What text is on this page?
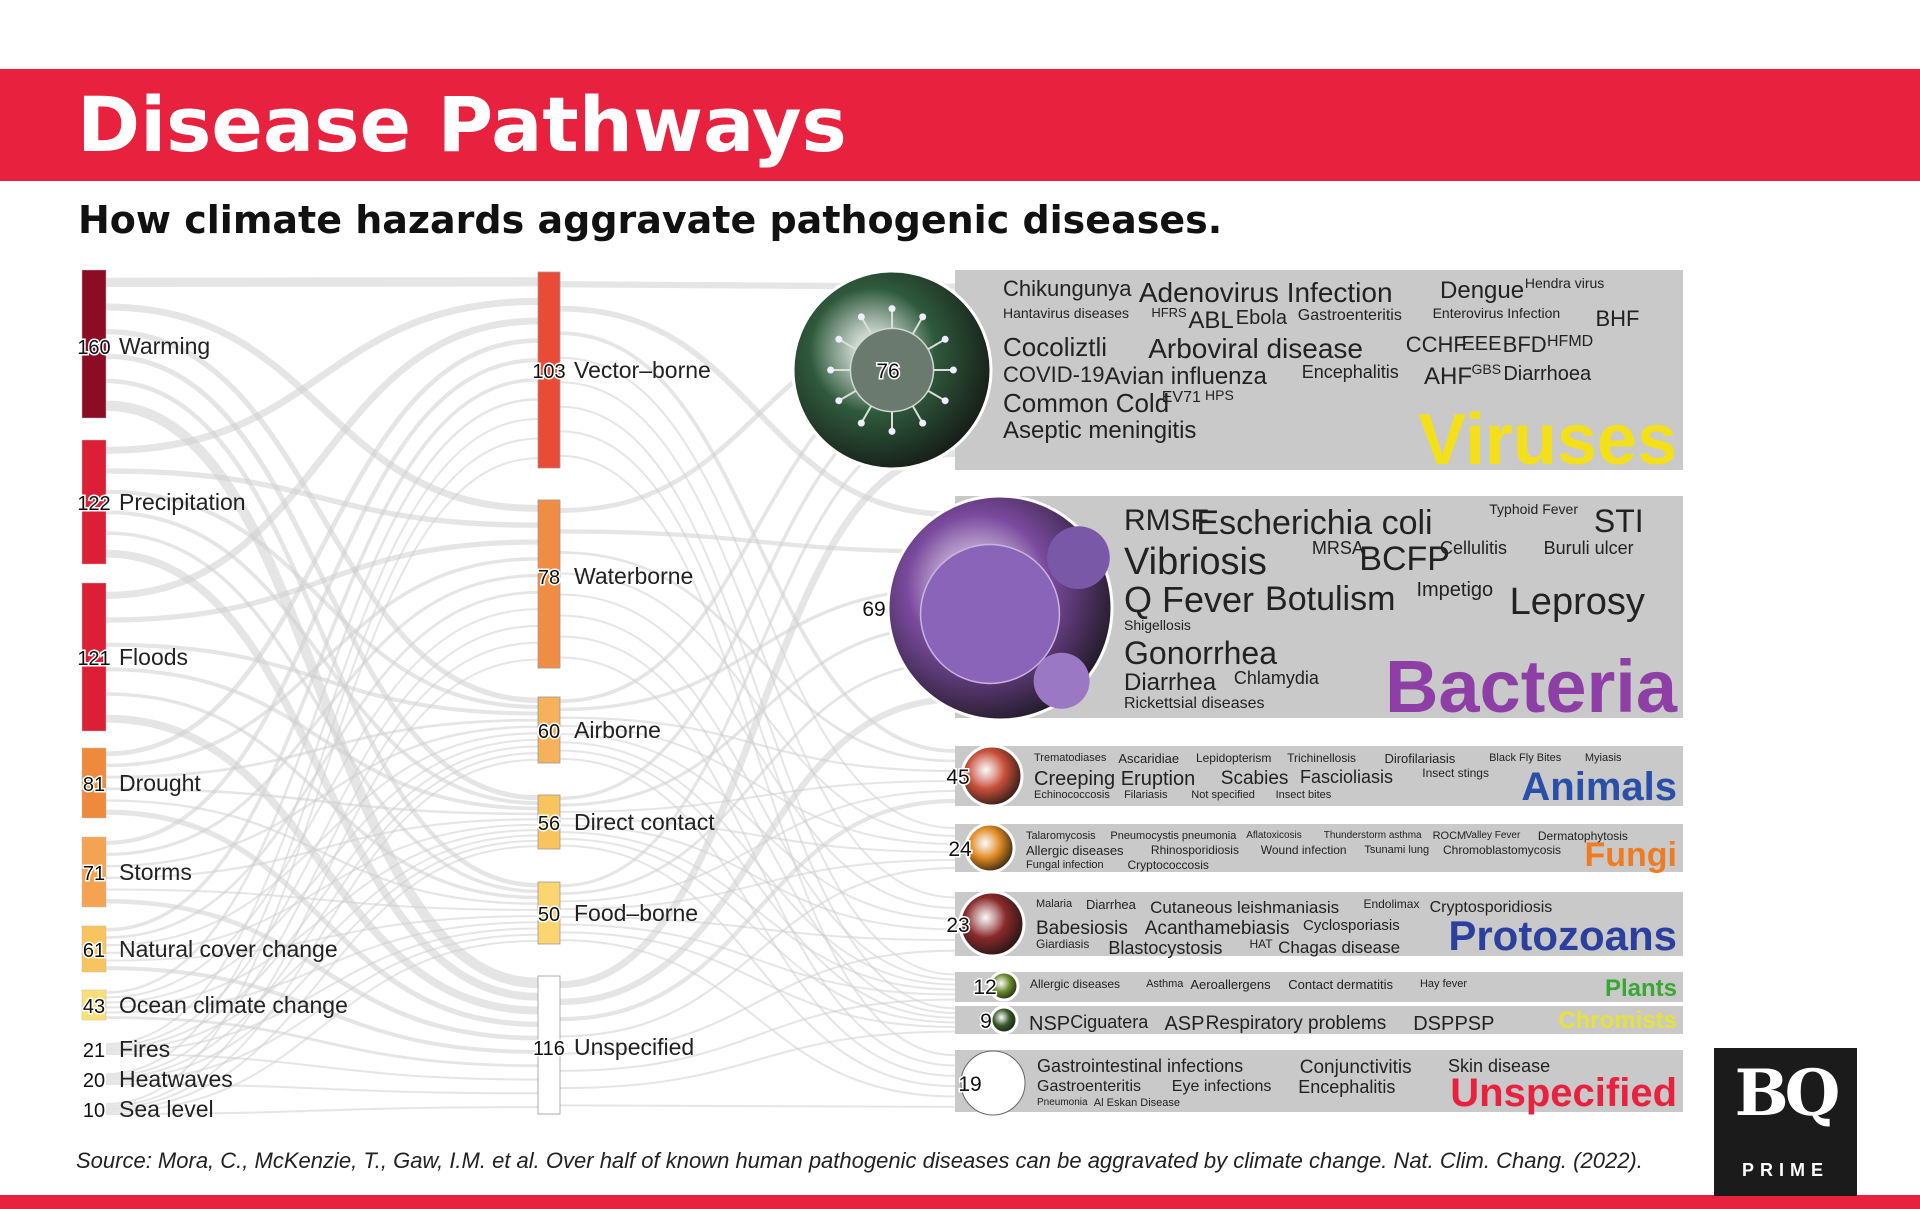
Disease Pathways
How climate hazards aggravate pathogenic diseases.
Chikungunya Adenovirus Infection Dengue Hendra virus
Hantavirus diseases HFRS ABL Ebola Gastroenteritis Enterovirus Infection BHF
Cocoliztli Arboviral disease CCHF
EEE BFD HFMD
COVID-19 Avian influenza Encephalitis AHF GBS Diarrhoea
Common Cold
EV71 HPS
Aseptic meningitis	Viruses
76
RMSF
Escherichia coli	Typhoid Fever STI
Vibriosis MRSA
BCFP
Cellulitis Buruli ulcer
Q Fever Botulism Impetigo Leprosy
Shigellosis
Gonorrhea
Diarrhea Chlamydia
Rickettsial diseases Bacteria
69
Trematodiases Ascaridiae Lepidopterism Trichinellosis Dirofilariasis	Black Fly Bites Myiasis
Creeping Eruption Scabies Fascioliasis Insect stings
Echinococcosis Filariasis Not specified Insect bites	Animals
45
Talaromycosis Pneumocystis pneumonia Aflatoxicosis Thunderstorm asthma ROCM Valley Fever Dermatophytosis
Allergic diseases Rhinosporidiosis Wound infection Tsunami lung Chromoblastomycosis
Fungal infection Cryptococcosis	Fungi
24
Malaria Diarrhea Cutaneous leishmaniasis Endolimax Cryptosporidiosis
Babesiosis Acanthamebiasis Cyclosporiasis
Giardiasis Blastocystosis HAT Chagas disease Protozoans
23
Allergic diseases Asthma Aeroallergens Contact dermatitis Hay fever	Plants
12
NSP Ciguatera ASP Respiratory problems DSP PSP	Chromists
9
Gastrointestinal infections	Conjunctivitis Skin disease
Gastroenteritis Eye infections Encephalitis
Pneumonia Al Eskan Disease	Unspecified
19
160 Warming
122 Precipitation
121 Floods
81 Drought
71 Storms
61 Natural cover change
43 Ocean climate change
21 Fires
20 Heatwaves
10 Sea level
103 Vector–borne
78 Waterborne
60 Airborne
56 Direct contact
50 Food–borne
116 Unspecified
Source: Mora, C., McKenzie, T., Gaw, I.M. et al. Over half of known human pathogenic diseases can be aggravated by climate change. Nat. Clim. Chang. (2022).
BQ
PRIME
